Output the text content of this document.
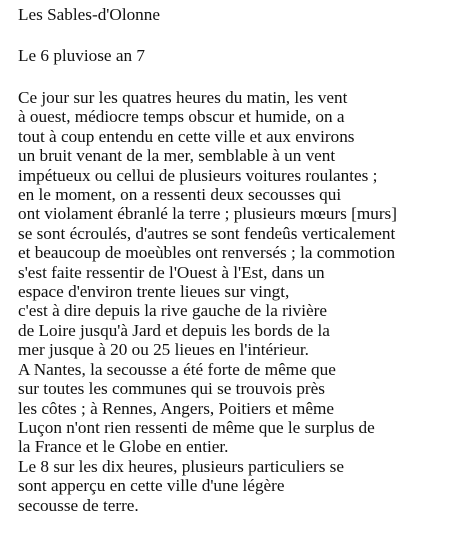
Les Sables-d'Olonne

Le 6 pluviose an 7

Ce jour sur les quatres heures du matin, les vent
à ouest, médiocre temps obscur et humide, on a
tout à coup entendu en cette ville et aux environs
un bruit venant de la mer, semblable à un vent
impétueux ou cellui de plusieurs voitures roulantes ;
en le moment, on a ressenti deux secousses qui
ont violament ébranlé la terre ; plusieurs mœurs [murs]
se sont écroulés, d'autres se sont fendeûs verticalement
et beaucoup de moeùbles ont renversés ; la commotion
s'est faite ressentir de l'Ouest à l'Est, dans un
espace d'environ trente lieues sur vingt,
c'est à dire depuis la rive gauche de la rivière
de Loire jusqu'à Jard et depuis les bords de la
mer jusque à 20 ou 25 lieues en l'intérieur.
A Nantes, la secousse a été forte de même que
sur toutes les communes qui se trouvois près
les côtes ; à Rennes, Angers, Poitiers et même
Luçon n'ont rien ressenti de même que le surplus de
la France et le Globe en entier.
Le 8 sur les dix heures, plusieurs particuliers se
sont apperçu en cette ville d'une légère
secousse de terre.
